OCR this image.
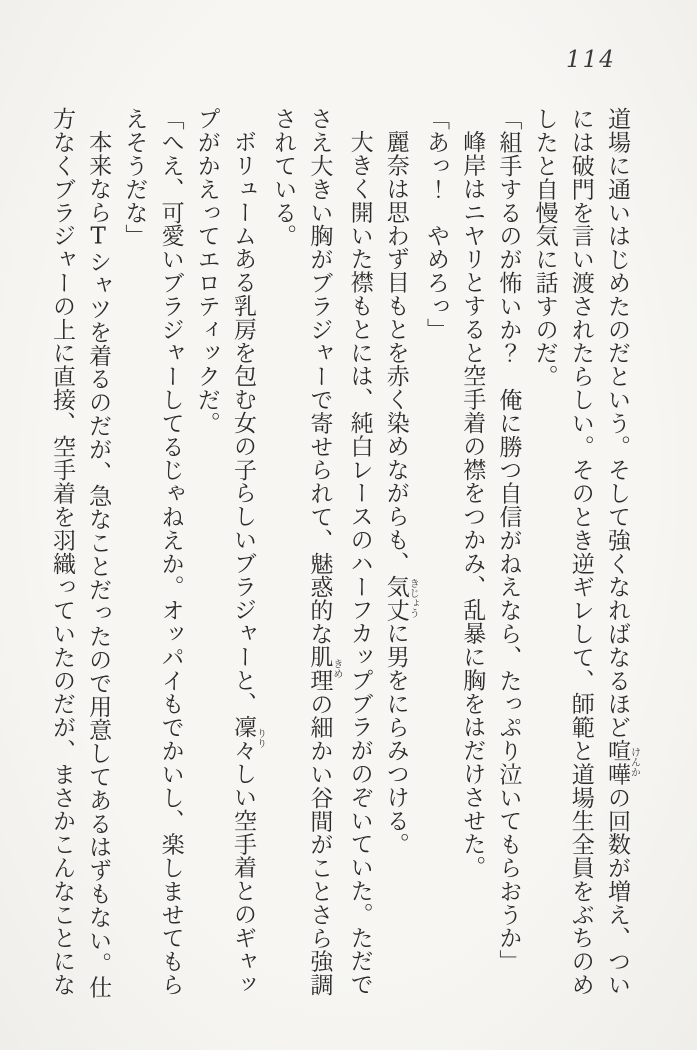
114
道場に通いはじめたのだという。そして強くなればなるほど喧嘩けんかの回数が増え、つい
には破門を言い渡されたらしい。そのとき逆ギレして、師範と道場生全員をぶちのめ
したと自慢気に話すのだ。
「組手するのが怖いか？　俺に勝つ自信がねえなら、たっぷり泣いてもらおうか」
峰岸はニヤリとすると空手着の襟をつかみ、乱暴に胸をはだけさせた。
「あっ！　やめろっ」
麗奈は思わず目もとを赤く染めながらも、気丈きじょうに男をにらみつける。
大きく開いた襟もとには、純白レースのハーフカップブラがのぞいていた。ただで
さえ大きい胸がブラジャーで寄せられて、魅惑的な肌理きめの細かい谷間がことさら強調
されている。
ボリュームある乳房を包む女の子らしいブラジャーと、凜々りりしい空手着とのギャッ
プがかえってエロティックだ。
「へえ、可愛いブラジャーしてるじゃねえか。オッパイもでかいし、楽しませてもら
えそうだな」
本来ならTシャツを着るのだが、急なことだったので用意してあるはずもない。仕
方なくブラジャーの上に直接、空手着を羽織っていたのだが、まさかこんなことにな
